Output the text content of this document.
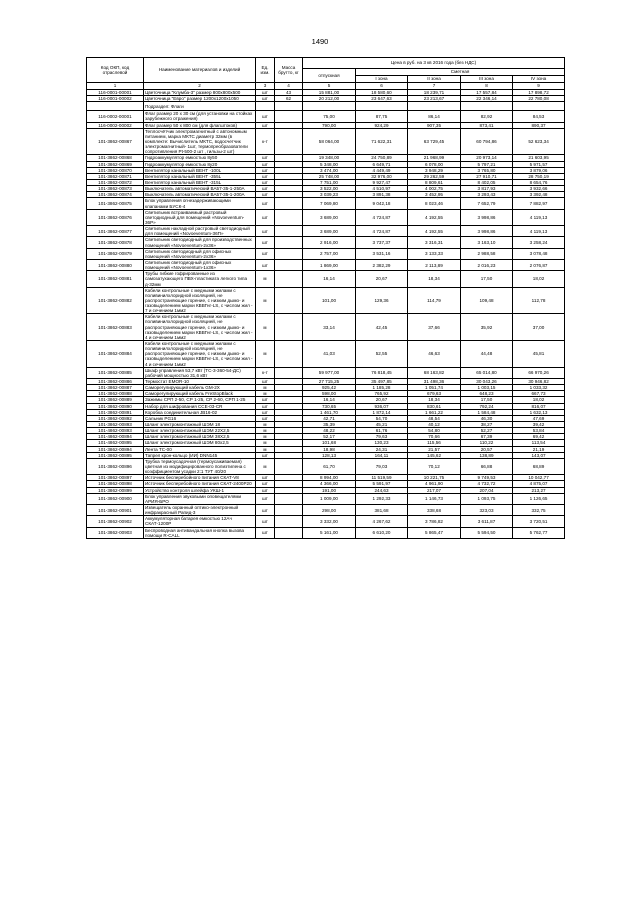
1490
Код ОКП, код отраслевой	Наименование материалов и изделий	Ед. изм.	Масса брутто, кг	Цена в руб. на 3 кв 2016 года (без НДС)				
				отпускная	Сметная			
					I зона	II зона	III зона	IV зона
1	2	3	4	5	6	7	8	9
116-0001-00001	Цветочница "Клумба-3" размер 800х800х500	шт	43	15 881,00	18 580,60	18 239,71	17 557,84	17 898,72
116-0001-00002	Цветочница "Евро" размер 1200х1200х1050	шт	62	20 212,00	23 647,63	23 213,67	22 346,14	22 780,08
	Подраздел: Флаги							
116-0002-00001	Флаг размер 20 х 30 см (для установки на стойках зарубежного отражения)	шт		75,00	87,75	86,14	82,92	84,53
116-0002-00002	Флаг размер 50 х 800 см (для флагштоков)	шт		790,00	924,29	907,35	873,41	890,37
101-3862-00867	Теплосчётчик электромагнитный с автономным питанием, марка МКТС диаметр 32мм (в комплекте: Вычислитель МКТС, водосчетчик электромагнитный- 1шт, термопреобразователи сопротивления Pt-500-2 шт , гильзы-2 шт)	к-т		58 064,00	71 622,31	63 729,45	60 794,86	52 623,34
101-3862-00868	Гидроаккумулятор емкостью 8у50	шт		19 348,00	24 750,89	21 968,99	20 973,14	21 603,95
101-3862-00869	Гидроаккумулятор емкостью 8у20	шт		5 348,00	6 649,71	6 078,00	5 797,21	5 971,57
101-3862-00870	Вентилятор канальный ВЕНТ -100L	шт		3 474,00	4 449,49	3 948,29	3 765,80	3 879,06
101-3862-00871	Вентилятор канальный ВЕНТ -355L	шт		25 748,00	32 976,00	29 262,59	27 910,71	28 750,19
101-3862-00872	Вентилятор канальный ВЕНТ -315L	шт		7 751,00	9 927,47	8 809,61	8 402,05	8 654,76
101-3862-00873	Выключатель автоматический ВА57-35-1-250А	шт		3 522,00	4 510,97	4 002,75	3 817,93	3 932,66
101-3862-00874	Выключатель автоматический ВА57-35-1-200А	шт		3 039,23	3 891,38	3 452,95	3 293,43	3 392,48
101-3862-00875	Блок управления огнезадерживающими клапанами БУСК-4	шт		7 069,80	9 042,18	8 023,46	7 652,79	7 882,97
101-3862-00876	Светильник встраиваемый растровый светодиодный для помещений «Novoeventum-36P»	шт		3 689,00	4 724,87	4 192,55	3 998,86	4 119,13
101-3862-00877	Светильник накладной растровый светодиодный для помещений «Novoeventum-36П»	шт		3 689,00	4 724,87	4 192,55	3 998,86	4 119,13
101-3862-00878	Светильник светодиодный для производственных помещений «Novoeventum-2х36»	шт		2 916,00	3 737,37	3 316,31	3 163,10	3 258,24
101-3862-00879	Светильник светодиодный для офисных помещений «Novoeventum-2х36»	шт		2 757,00	3 531,16	3 133,33	2 988,58	3 078,48
101-3862-00880	Светильник светодиодный для офисных помещений «Novoeventum-1х36»	шт		1 869,00	2 382,29	2 113,89	2 016,23	2 076,87
101-3862-00881	Трубы гибкие гофрированные из самозатухающего ПВХ-пластиката легкого типа д-32мм	м		16,14	20,67	18,34	17,50	18,02
101-3862-00882	Кабели контрольные с медными жилами с поливинилхлоридной изоляцией, не распространяющие горение, с низким дымо- и газовыделением марки КВВГнг-LS, с числом жил - 7 и сечением 1мм2	м		101,00	129,36	114,79	109,48	112,78
101-3862-00883	Кабели контрольные с медными жилами с поливинилхлоридной изоляцией, не распространяющие горение, с низким дымо- и газовыделением марки КВВГнг-LS, с числом жил - 4 и сечением 1мм2	м		33,14	42,45	37,66	35,92	37,00
101-3862-00884	Кабели контрольные с медными жилами с поливинилхлоридной изоляцией, не распространяющие горение, с низким дымо- и газовыделением марки КВВГнг-LS, с числом жил - 4 и сечением 1мм2	м		41,03	52,55	46,63	44,48	45,81
101-3862-00885	Шкаф управления 53,7 кВт (ТС-3-360-54-ДС) рабочий мощностью 31,6 кВт	к-т		59 977,00	76 818,45	68 163,82	65 014,80	66 970,26
101-3862-00886	Термостат ЕМОR-10	шт		27 715,25	35 497,85	31 498,36	30 043,26	30 946,82
101-3862-00887	Саморегулирующий кабель GM-2X	м		925,42	1 185,28	1 051,74	1 003,15	1 033,32
101-3862-00888	Саморегулирующий кабель FreStopBlack	м		598,00	765,92	679,63	648,23	667,73
101-3862-00889	Зажимы СРП 2-50, СР 1-25, СР 2-60, СРП 1-25	шт		16,14	20,67	18,34	17,50	18,02
101-3862-00890	Набор для шифрования CCE-03-CR	шт		730,65	936,07	830,61	792,24	816,07
101-3862-00891	Коробка соединительная JB16-02	шт		1 461,70	1 872,14	1 661,22	1 584,48	1 632,13
101-3862-00892	Сальник PG16	шт		42,71	54,70	48,54	46,30	47,69
101-3862-00893	Шланг электромонтажный ШЭМ 18	м		35,39	45,21	40,12	38,27	39,42
101-4862-00893	Шланг электромонтажный ШЭМ 22Х2,5	м		48,22	61,76	54,80	52,27	53,84
101-4862-00894	Шланг электромонтажный ШЭМ 38Х2,5	м		52,17	79,63	70,66	67,39	69,42
101-4862-00895	Шланг электромонтажный ШЭМ 80х2,5	м		101,68	130,23	115,56	110,22	113,54
101-3862-00894	Лента ТС-00	м		18,98	24,31	21,57	20,57	21,19
101-3862-00895	Тапрел крон-кольцо (ИИ) DNN145	шт		128,13	164,11	145,62	138,89	143,07
101-3862-00896	Трубка термоусадочная (термоусаживаемая) цветная из модифицированного полиэтилена с коэффициентом усадки 2:1 ТУТ 40/20	м		61,70	79,03	70,12	66,88	68,89
101-3862-00897	Источник бесперебойного питания СКАТ-V8	шт		8 994,00	11 519,59	10 221,75	9 749,53	10 042,77
101-3862-00898	Источник бесперебойного питания СКАТ-2400Р20	шт		4 366,00	5 591,97	4 961,90	4 732,72	4 875,07
101-3862-00899	Устройство контроля шлейфа УКШ-1	шт		191,00	244,63	217,07	207,04	213,27
101-3862-00900	Блок управления звуковыми оповещателями АРИЯ-БРО	шт		1 009,00	1 292,33	1 146,73	1 093,75	1 126,65
101-3862-00901	Извещатель охранный оптико-электронный инфракрасный Рапид-3	шт		298,00	381,68	338,68	323,03	332,75
101-3862-00902	Аккумуляторная батарея емкостью 12Ач СКАТ-1200Р	шт		3 332,00	4 267,62	3 786,82	3 611,87	3 720,51
101-3862-00903	Беспроводная антивандальная кнопка вызова помощи R-CALL	шт		5 161,00	6 610,20	5 865,47	5 594,50	5 762,77
